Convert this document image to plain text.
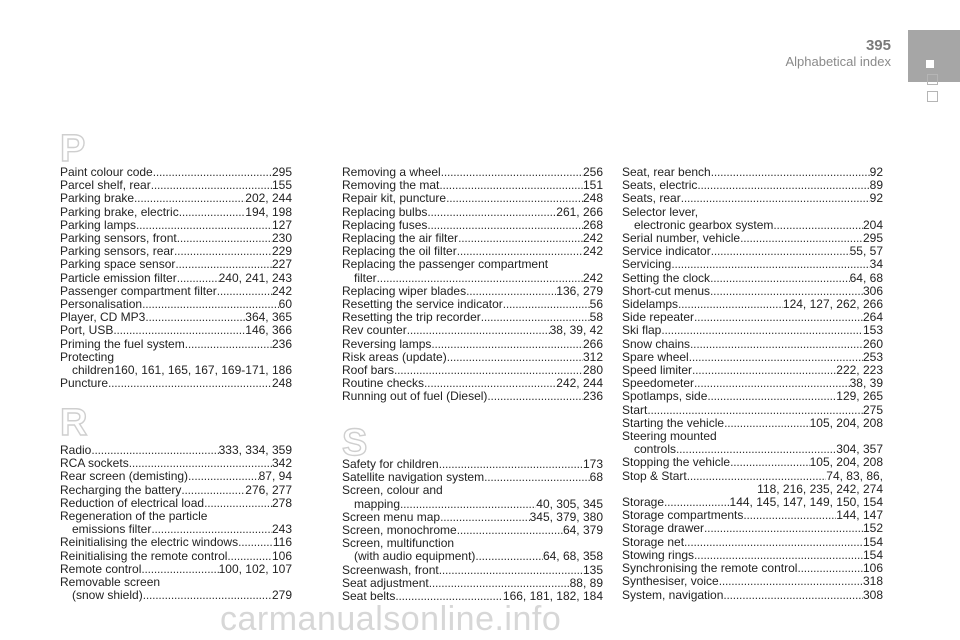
395
Alphabetical index
P
R	S
Paint colour code .....	295
Parcel shelf, rear .....	155
Parking brake .....	202, 244
Parking brake, electric .....	194, 198
Parking lamps .....	127
Parking sensors, front .....	230
Parking sensors, rear .....	229
Parking space sensor .....	227
Particle emission filter .....	240, 241, 243
Passenger compartment filter .....	242
Personalisation .....	60
Player, CD MP3 .....	364, 365
Port, USB .....	146, 366
Priming the fuel system .....	236
Protecting
children ..... 160, 161, 165, 167, 169-171, 186
Puncture .....	248
Radio .....	333, 334, 359
RCA sockets .....	342
Rear screen (demisting) .....	87, 94
Recharging the battery .....	276, 277
Reduction of electrical load .....	278
Regeneration of the particle
emissions filter .....	243
Reinitialising the electric windows .....	116
Reinitialising the remote control .....	106
Remote control .....	100, 102, 107
Removable screen
(snow shield) .....	279
Removing a wheel .....	256
Removing the mat .....	151
Repair kit, puncture .....	248
Replacing bulbs .....	261, 266
Replacing fuses .....	268
Replacing the air filter .....	242
Replacing the oil filter .....	242
Replacing the passenger compartment
filter .....	242
Replacing wiper blades .....	136, 279
Resetting the service indicator .....	56
Resetting the trip recorder .....	58
Rev counter .....	38, 39, 42
Reversing lamps .....	266
Risk areas (update) .....	312
Roof bars .....	280
Routine checks .....	242, 244
Running out of fuel (Diesel) .....	236
Safety for children .....	173
Satellite navigation system .....	68
Screen, colour and
mapping .....	40, 305, 345
Screen menu map .....	345, 379, 380
Screen, monochrome .....	64, 379
Screen, multifunction
(with audio equipment) .....	64, 68, 358
Screenwash, front .....	135
Seat adjustment .....	88, 89
Seat belts .....	166, 181, 182, 184
Seat, rear bench .....	92
Seats, electric .....	89
Seats, rear .....	92
Selector lever,
electronic gearbox system .....	204
Serial number, vehicle .....	295
Service indicator .....	55, 57
Servicing .....	34
Setting the clock .....	64, 68
Short-cut menus .....	306
Sidelamps .....	124, 127, 262, 266
Side repeater .....	264
Ski flap .....	153
Snow chains .....	260
Spare wheel .....	253
Speed limiter .....	222, 223
Speedometer .....	38, 39
Spotlamps, side .....	129, 265
Start .....	275
Starting the vehicle .....	105, 204, 208
Steering mounted
controls .....	304, 357
Stopping the vehicle .....	105, 204, 208
Stop & Start .....	74, 83, 86,
118, 216, 235, 242, 274
Storage .....	144, 145, 147, 149, 150, 154
Storage compartments .....	144, 147
Storage drawer .....	152
Storage net .....	154
Stowing rings .....	154
Synchronising the remote control .....	106
Synthesiser, voice .....	318
System, navigation .....	308
carmanualsonline.info
